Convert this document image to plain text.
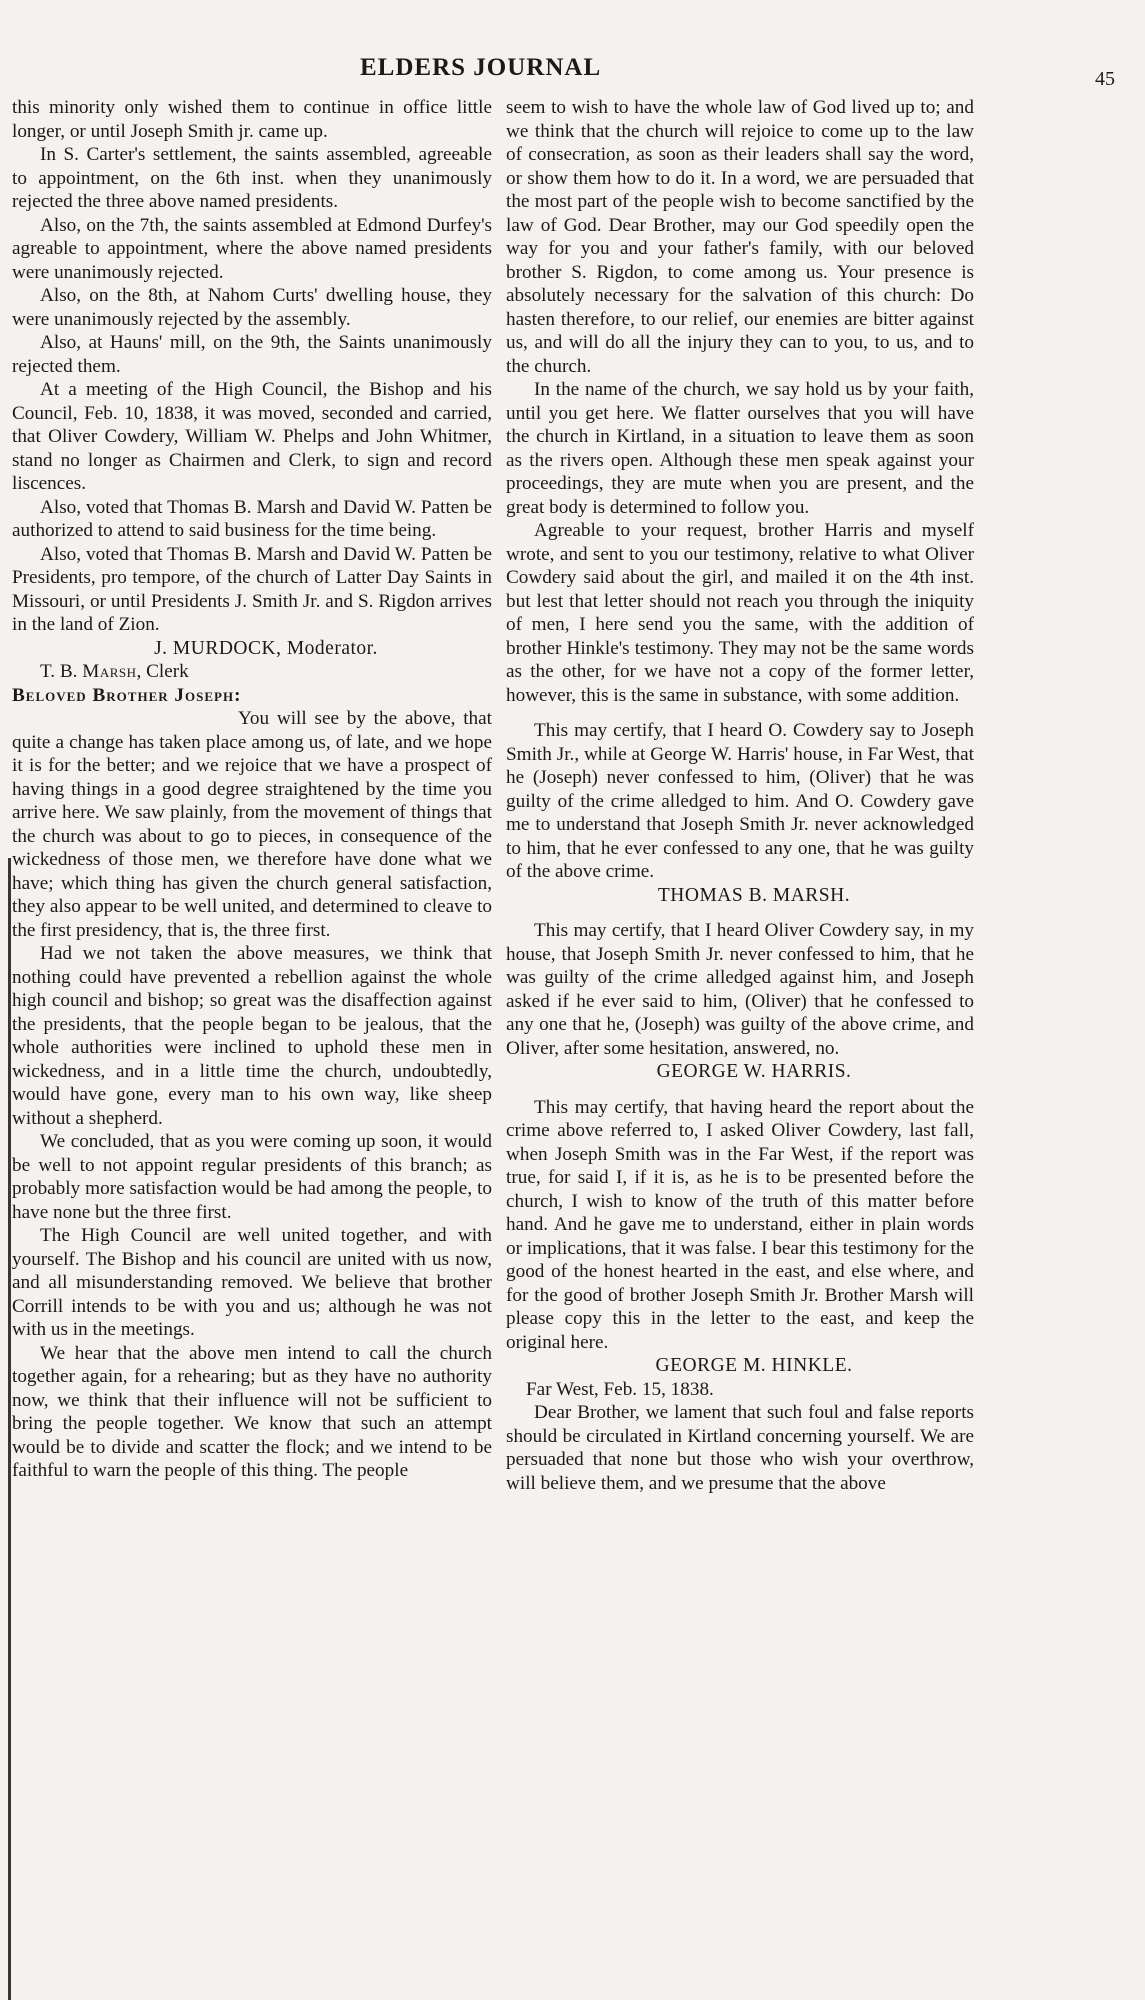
ELDERS JOURNAL	45

this minority only wished them to continue in office little longer, or until Joseph Smith jr. came up.

In S. Carter's settlement, the saints assembled, agreeable to appointment, on the 6th inst. when they unanimously rejected the three above named presidents.

Also, on the 7th, the saints assembled at Edmond Durfey's agreable to appointment, where the above named presidents were unanimously rejected.

Also, on the 8th, at Nahom Curts' dwelling house, they were unanimously rejected by the assembly.

Also, at Hauns' mill, on the 9th, the Saints unanimously rejected them.

At a meeting of the High Council, the Bishop and his Council, Feb. 10, 1838, it was moved, seconded and carried, that Oliver Cowdery, William W. Phelps and John Whitmer, stand no longer as Chairmen and Clerk, to sign and record liscences.

Also, voted that Thomas B. Marsh and David W. Patten be authorized to attend to said business for the time being.

Also, voted that Thomas B. Marsh and David W. Patten be Presidents, pro tempore, of the church of Latter Day Saints in Missouri, or until Presidents J. Smith Jr. and S. Rigdon arrives in the land of Zion.

J. MURDOCK, Moderator.

T. B. Marsh, Clerk

Beloved Brother Joseph:

You will see by the above, that quite a change has taken place among us, of late, and we hope it is for the better; and we rejoice that we have a prospect of having things in a good degree straightened by the time you arrive here. We saw plainly, from the movement of things that the church was about to go to pieces, in consequence of the wickedness of those men, we therefore have done what we have; which thing has given the church general satisfaction, they also appear to be well united, and determined to cleave to the first presidency, that is, the three first.

Had we not taken the above measures, we think that nothing could have prevented a rebellion against the whole high council and bishop; so great was the disaffection against the presidents, that the people began to be jealous, that the whole authorities were inclined to uphold these men in wickedness, and in a little time the church, undoubtedly, would have gone, every man to his own way, like sheep without a shepherd.

We concluded, that as you were coming up soon, it would be well to not appoint regular presidents of this branch; as probably more satisfaction would be had among the people, to have none but the three first.

The High Council are well united together, and with yourself. The Bishop and his council are united with us now, and all misunderstanding removed. We believe that brother Corrill intends to be with you and us; although he was not with us in the meetings.

We hear that the above men intend to call the church together again, for a rehearing; but as they have no authority now, we think that their influence will not be sufficient to bring the people together. We know that such an attempt would be to divide and scatter the flock; and we intend to be faithful to warn the people of this thing. The people

seem to wish to have the whole law of God lived up to; and we think that the church will rejoice to come up to the law of consecration, as soon as their leaders shall say the word, or show them how to do it. In a word, we are persuaded that the most part of the people wish to become sanctified by the law of God. Dear Brother, may our God speedily open the way for you and your father's family, with our beloved brother S. Rigdon, to come among us. Your presence is absolutely necessary for the salvation of this church: Do hasten therefore, to our relief, our enemies are bitter against us, and will do all the injury they can to you, to us, and to the church.

In the name of the church, we say hold us by your faith, until you get here. We flatter ourselves that you will have the church in Kirtland, in a situation to leave them as soon as the rivers open. Although these men speak against your proceedings, they are mute when you are present, and the great body is determined to follow you.

Agreable to your request, brother Harris and myself wrote, and sent to you our testimony, relative to what Oliver Cowdery said about the girl, and mailed it on the 4th inst. but lest that letter should not reach you through the iniquity of men, I here send you the same, with the addition of brother Hinkle's testimony. They may not be the same words as the other, for we have not a copy of the former letter, however, this is the same in substance, with some addition.

This may certify, that I heard O. Cowdery say to Joseph Smith Jr., while at George W. Harris' house, in Far West, that he (Joseph) never confessed to him, (Oliver) that he was guilty of the crime alledged to him. And O. Cowdery gave me to understand that Joseph Smith Jr. never acknowledged to him, that he ever confessed to any one, that he was guilty of the above crime.

THOMAS B. MARSH.

This may certify, that I heard Oliver Cowdery say, in my house, that Joseph Smith Jr. never confessed to him, that he was guilty of the crime alledged against him, and Joseph asked if he ever said to him, (Oliver) that he confessed to any one that he, (Joseph) was guilty of the above crime, and Oliver, after some hesitation, answered, no.

GEORGE W. HARRIS.

This may certify, that having heard the report about the crime above referred to, I asked Oliver Cowdery, last fall, when Joseph Smith was in the Far West, if the report was true, for said I, if it is, as he is to be presented before the church, I wish to know of the truth of this matter before hand. And he gave me to understand, either in plain words or implications, that it was false. I bear this testimony for the good of the honest hearted in the east, and else where, and for the good of brother Joseph Smith Jr. Brother Marsh will please copy this in the letter to the east, and keep the original here.

GEORGE M. HINKLE.

Far West, Feb. 15, 1838.

Dear Brother, we lament that such foul and false reports should be circulated in Kirtland concerning yourself. We are persuaded that none but those who wish your overthrow, will believe them, and we presume that the above
